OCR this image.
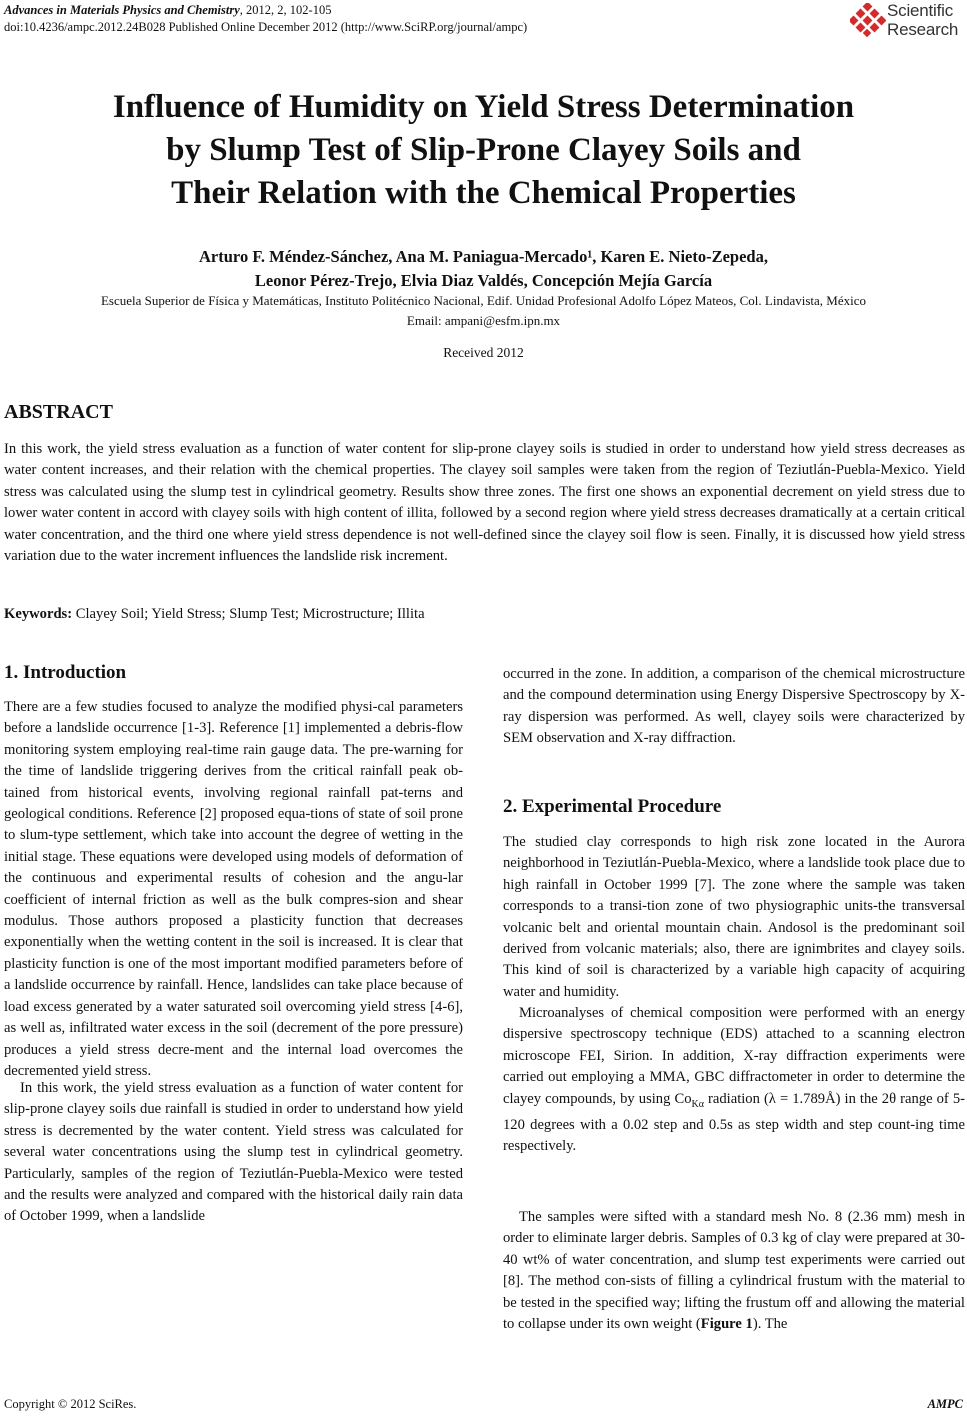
Advances in Materials Physics and Chemistry, 2012, 2, 102-105
doi:10.4236/ampc.2012.24B028 Published Online December 2012 (http://www.SciRP.org/journal/ampc)
Scientific
Research
Influence of Humidity on Yield Stress Determination
by Slump Test of Slip-Prone Clayey Soils and
Their Relation with the Chemical Properties
Arturo F. Méndez-Sánchez, Ana M. Paniagua-Mercado¹, Karen E. Nieto-Zepeda,
Leonor Pérez-Trejo, Elvia Diaz Valdés, Concepción Mejía García
Escuela Superior de Física y Matemáticas, Instituto Politécnico Nacional, Edif. Unidad Profesional Adolfo López Mateos, Col. Lindavista, México
Email: ampani@esfm.ipn.mx
Received 2012
ABSTRACT
In this work, the yield stress evaluation as a function of water content for slip-prone clayey soils is studied in order to understand how yield stress decreases as water content increases, and their relation with the chemical properties. The clayey soil samples were taken from the region of Teziutlán-Puebla-Mexico. Yield stress was calculated using the slump test in cylindrical geometry. Results show three zones. The first one shows an exponential decrement on yield stress due to lower water content in accord with clayey soils with high content of illita, followed by a second region where yield stress decreases dramatically at a certain critical water concentration, and the third one where yield stress dependence is not well-defined since the clayey soil flow is seen. Finally, it is discussed how yield stress variation due to the water increment influences the landslide risk increment.
Keywords: Clayey Soil; Yield Stress; Slump Test; Microstructure; Illita
1. Introduction
There are a few studies focused to analyze the modified physi-cal parameters before a landslide occurrence [1-3]. Reference [1] implemented a debris-flow monitoring system employing real-time rain gauge data. The pre-warning for the time of landslide triggering derives from the critical rainfall peak ob-tained from historical events, involving regional rainfall pat-terns and geological conditions. Reference [2] proposed equa-tions of state of soil prone to slum-type settlement, which take into account the degree of wetting in the initial stage. These equations were developed using models of deformation of the continuous and experimental results of cohesion and the angu-lar coefficient of internal friction as well as the bulk compres-sion and shear modulus. Those authors proposed a plasticity function that decreases exponentially when the wetting content in the soil is increased. It is clear that plasticity function is one of the most important modified parameters before of a landslide occurrence by rainfall. Hence, landslides can take place because of load excess generated by a water saturated soil overcoming yield stress [4-6], as well as, infiltrated water excess in the soil (decrement of the pore pressure) produces a yield stress decre-ment and the internal load overcomes the decremented yield stress.
In this work, the yield stress evaluation as a function of water content for slip-prone clayey soils due rainfall is studied in order to understand how yield stress is decremented by the water content. Yield stress was calculated for several water concentrations using the slump test in cylindrical geometry. Particularly, samples of the region of Teziutlán-Puebla-Mexico were tested and the results were analyzed and compared with the historical daily rain data of October 1999, when a landslide
occurred in the zone. In addition, a comparison of the chemical microstructure and the compound determination using Energy Dispersive Spectroscopy by X-ray dispersion was performed. As well, clayey soils were characterized by SEM observation and X-ray diffraction.
2. Experimental Procedure
The studied clay corresponds to high risk zone located in the Aurora neighborhood in Teziutlán-Puebla-Mexico, where a landslide took place due to high rainfall in October 1999 [7]. The zone where the sample was taken corresponds to a transi-tion zone of two physiographic units-the transversal volcanic belt and oriental mountain chain. Andosol is the predominant soil derived from volcanic materials; also, there are ignimbrites and clayey soils. This kind of soil is characterized by a variable high capacity of acquiring water and humidity.
Microanalyses of chemical composition were performed with an energy dispersive spectroscopy technique (EDS) attached to a scanning electron microscope FEI, Sirion. In addition, X-ray diffraction experiments were carried out employing a MMA, GBC diffractometer in order to determine the clayey compounds, by using $Co_{K\alpha}$ radiation (λ = 1.789Å) in the 2θ range of 5-120 degrees with a 0.02 step and 0.5s as step width and step count-ing time respectively.
The samples were sifted with a standard mesh No. 8 (2.36 mm) mesh in order to eliminate larger debris. Samples of 0.3 kg of clay were prepared at 30-40 wt% of water concentration, and slump test experiments were carried out [8]. The method con-sists of filling a cylindrical frustum with the material to be tested in the specified way; lifting the frustum off and allowing the material to collapse under its own weight (Figure 1). The
Copyright © 2012 SciRes.	AMPC
